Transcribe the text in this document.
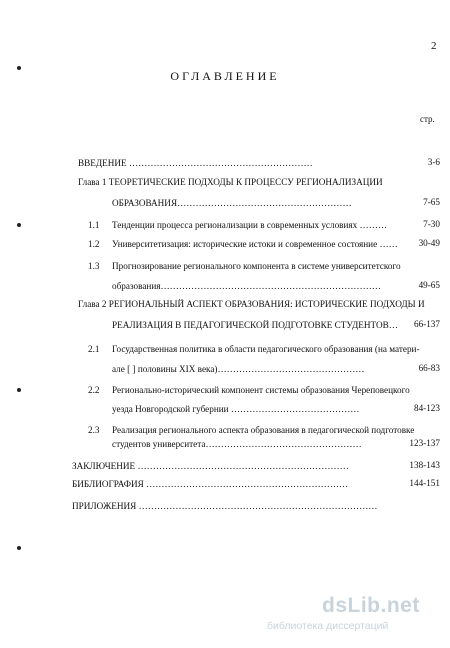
2
ОГЛАВЛЕНИЕ
стр.
ВВЕДЕНИЕ ……………………………………………………	3-6
Глава 1 ТЕОРЕТИЧЕСКИЕ ПОДХОДЫ К ПРОЦЕССУ РЕГИОНАЛИЗАЦИИ
ОБРАЗОВАНИЯ…………………………………………………	7-65
1.1 Тенденции процесса регионализации в современных условиях ………	7-30
1.2 Университетизация: исторические истоки и современное состояние ……	30-49
1.3 Прогнозирование регионального компонента в системе университетского
образования………………………………………………………………	49-65
Глава 2 РЕГИОНАЛЬНЫЙ АСПЕКТ ОБРАЗОВАНИЯ: ИСТОРИЧЕСКИЕ ПОДХОДЫ И
РЕАЛИЗАЦИЯ В ПЕДАГОГИЧЕСКОЙ ПОДГОТОВКЕ СТУДЕНТОВ…	66-137
2.1 Государственная политика в области педагогического образования (на матери-
але [ ] половины XIX века)…………………………………………	66-83
2.2 Регионально-исторический компонент системы образования Череповецкого
уезда Новгородской губернии ……………………………………	84-123
2.3 Реализация регионального аспекта образования в педагогической подготовке
студентов университета……………………………………………	123-137
ЗАКЛЮЧЕНИЕ ……………………………………………………………	138-143
БИБЛИОГРАФИЯ …………………………………………………………	144-151
ПРИЛОЖЕНИЯ ……………………………………………………………………
dsLib.net
библиотека диссертаций
